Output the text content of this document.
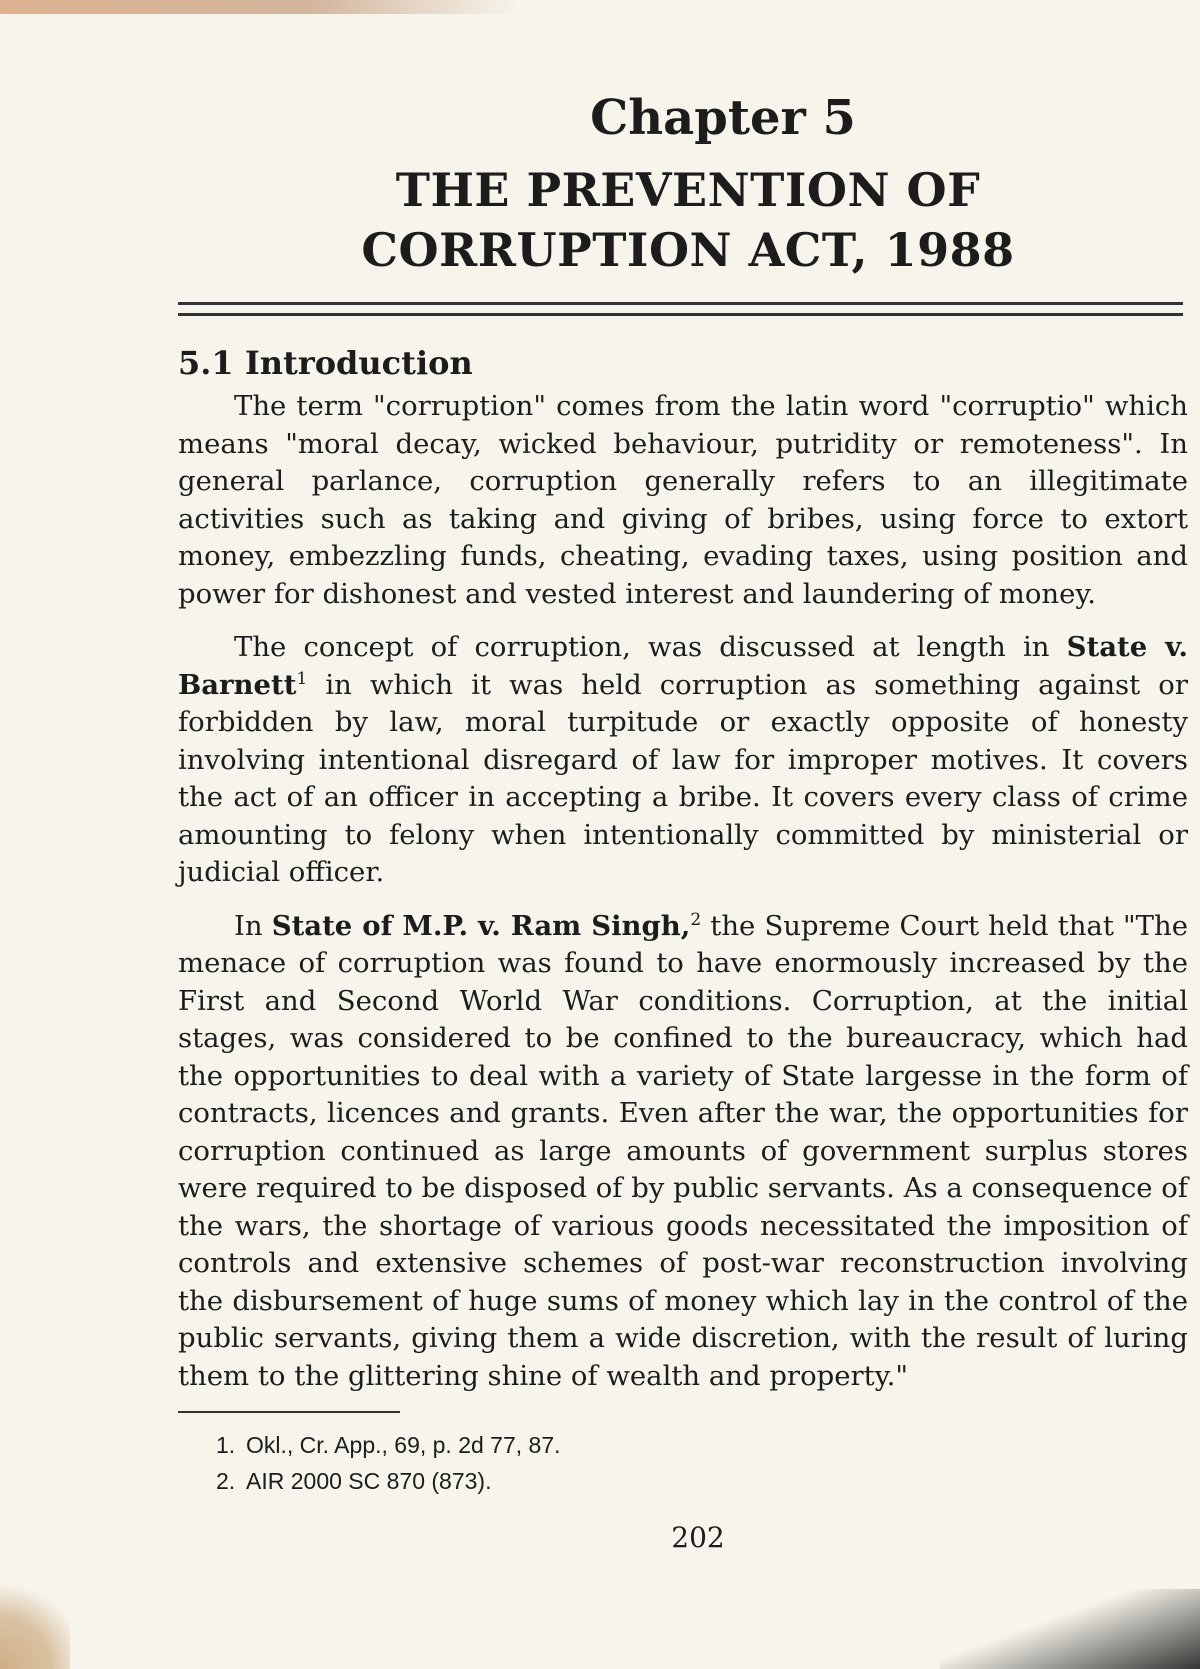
Chapter 5
THE PREVENTION OF
CORRUPTION ACT, 1988
5.1 Introduction

The term "corruption" comes from the latin word "corruptio" which means "moral decay, wicked behaviour, putridity or remoteness". In general parlance, corruption generally refers to an illegitimate activities such as taking and giving of bribes, using force to extort money, embezzling funds, cheating, evading taxes, using position and power for dishonest and vested interest and laundering of money.

The concept of corruption, was discussed at length in State v. Barnett$^1$ in which it was held corruption as something against or forbidden by law, moral turpitude or exactly opposite of honesty involving intentional disregard of law for improper motives. It covers the act of an officer in accepting a bribe. It covers every class of crime amounting to felony when intentionally committed by ministerial or judicial officer.

In State of M.P. v. Ram Singh,$^2$ the Supreme Court held that "The menace of corruption was found to have enormously increased by the First and Second World War conditions. Corruption, at the initial stages, was considered to be confined to the bureaucracy, which had the opportunities to deal with a variety of State largesse in the form of contracts, licences and grants. Even after the war, the opportunities for corruption continued as large amounts of government surplus stores were required to be disposed of by public servants. As a consequence of the wars, the shortage of various goods necessitated the imposition of controls and extensive schemes of post-war reconstruction involving the disbursement of huge sums of money which lay in the control of the public servants, giving them a wide discretion, with the result of luring them to the glittering shine of wealth and property."

1. Okl., Cr. App., 69, p. 2d 77, 87.
2. AIR 2000 SC 870 (873).
202
